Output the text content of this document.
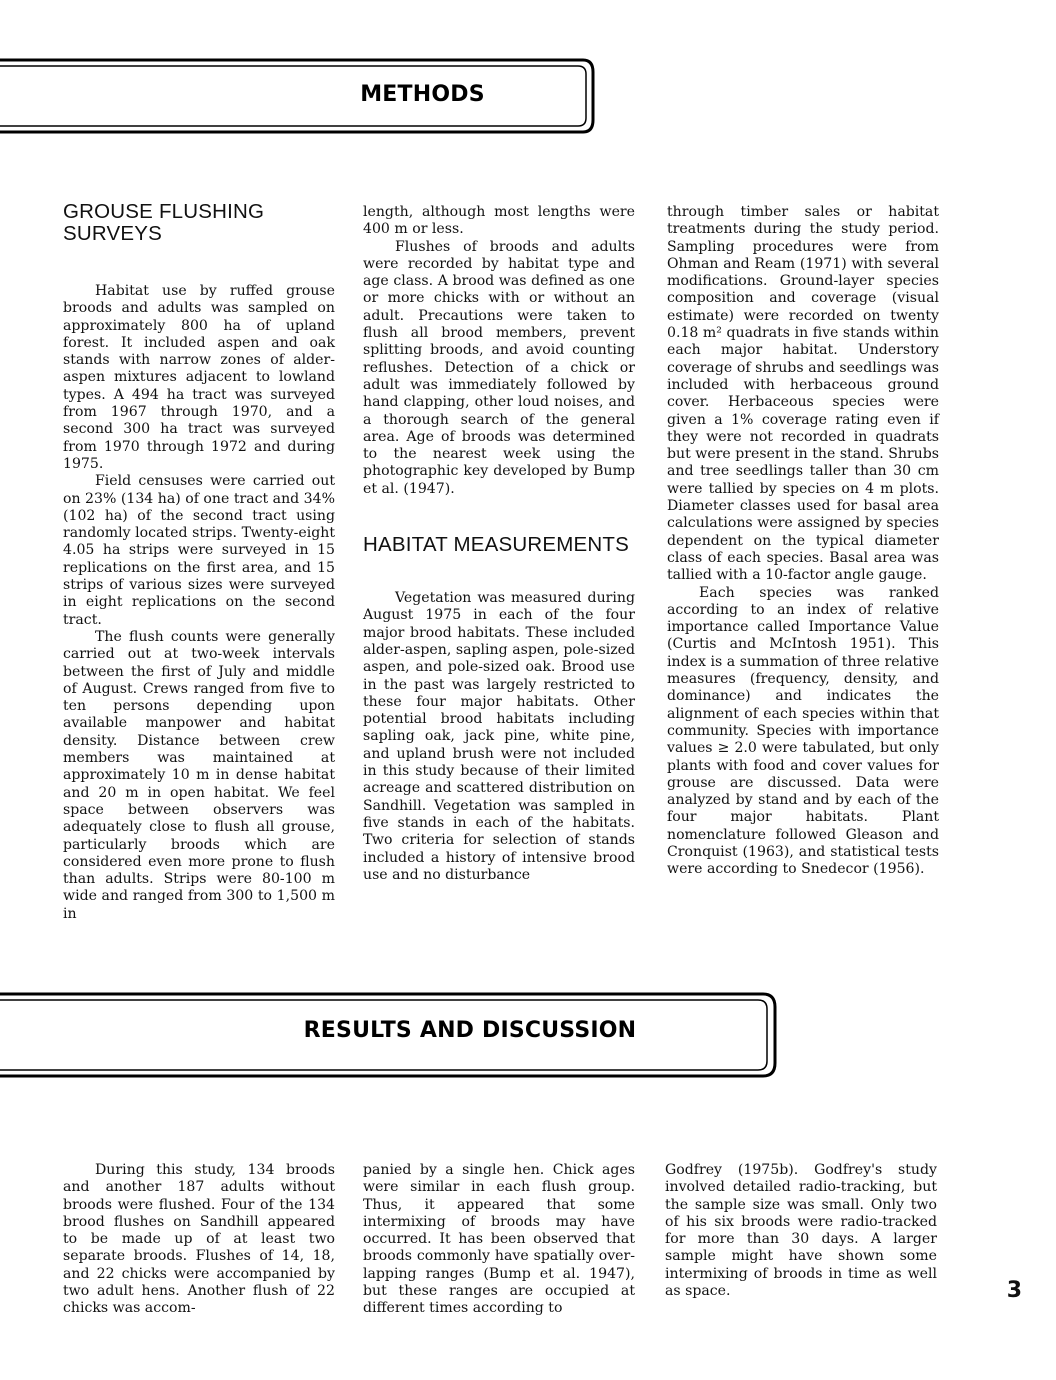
METHODS
GROUSE FLUSHING SURVEYS

Habitat use by ruffed grouse broods and adults was sampled on approximately 800 ha of upland forest. It included aspen and oak stands with narrow zones of alder-aspen mixtures adjacent to lowland types. A 494 ha tract was surveyed from 1967 through 1970, and a second 300 ha tract was surveyed from 1970 through 1972 and during 1975.

Field censuses were carried out on 23% (134 ha) of one tract and 34% (102 ha) of the second tract using randomly located strips. Twenty-eight 4.05 ha strips were surveyed in 15 replications on the first area, and 15 strips of various sizes were surveyed in eight replications on the second tract.

The flush counts were generally carried out at two-week intervals between the first of July and middle of August. Crews ranged from five to ten persons depending upon available manpower and habitat density. Distance between crew members was maintained at approximately 10 m in dense habitat and 20 m in open habitat. We feel space between observers was adequately close to flush all grouse, particularly broods which are considered even more prone to flush than adults. Strips were 80-100 m wide and ranged from 300 to 1,500 m in

length, although most lengths were 400 m or less.

Flushes of broods and adults were recorded by habitat type and age class. A brood was defined as one or more chicks with or without an adult. Precautions were taken to flush all brood members, prevent splitting broods, and avoid counting reflushes. Detection of a chick or adult was immediately followed by hand clapping, other loud noises, and a thorough search of the general area. Age of broods was determined to the nearest week using the photographic key developed by Bump et al. (1947).

HABITAT MEASUREMENTS

Vegetation was measured during August 1975 in each of the four major brood habitats. These included alder-aspen, sapling aspen, pole-sized aspen, and pole-sized oak. Brood use in the past was largely restricted to these four major habitats. Other potential brood habitats including sapling oak, jack pine, white pine, and upland brush were not included in this study because of their limited acreage and scattered distribution on Sandhill. Vegetation was sampled in five stands in each of the habitats. Two criteria for selection of stands included a history of intensive brood use and no disturbance

through timber sales or habitat treatments during the study period. Sampling procedures were from Ohman and Ream (1971) with several modifications. Ground-layer species composition and coverage (visual estimate) were recorded on twenty 0.18 m² quadrats in five stands within each major habitat. Understory coverage of shrubs and seedlings was included with herbaceous ground cover. Herbaceous species were given a 1% coverage rating even if they were not recorded in quadrats but were present in the stand. Shrubs and tree seedlings taller than 30 cm were tallied by species on 4 m plots. Diameter classes used for basal area calculations were assigned by species dependent on the typical diameter class of each species. Basal area was tallied with a 10-factor angle gauge.

Each species was ranked according to an index of relative importance called Importance Value (Curtis and McIntosh 1951). This index is a summation of three relative measures (frequency, density, and dominance) and indicates the alignment of each species within that community. Species with importance values ≥ 2.0 were tabulated, but only plants with food and cover values for grouse are discussed. Data were analyzed by stand and by each of the four major habitats. Plant nomenclature followed Gleason and Cronquist (1963), and statistical tests were according to Snedecor (1956).

RESULTS AND DISCUSSION

During this study, 134 broods and another 187 adults without broods were flushed. Four of the 134 brood flushes on Sandhill appeared to be made up of at least two separate broods. Flushes of 14, 18, and 22 chicks were accompanied by two adult hens. Another flush of 22 chicks was accom-

panied by a single hen. Chick ages were similar in each flush group. Thus, it appeared that some intermixing of broods may have occurred. It has been observed that broods commonly have spatially over-lapping ranges (Bump et al. 1947), but these ranges are occupied at different times according to

Godfrey (1975b). Godfrey's study involved detailed radio-tracking, but the sample size was small. Only two of his six broods were radio-tracked for more than 30 days. A larger sample might have shown some intermixing of broods in time as well as space.	3
